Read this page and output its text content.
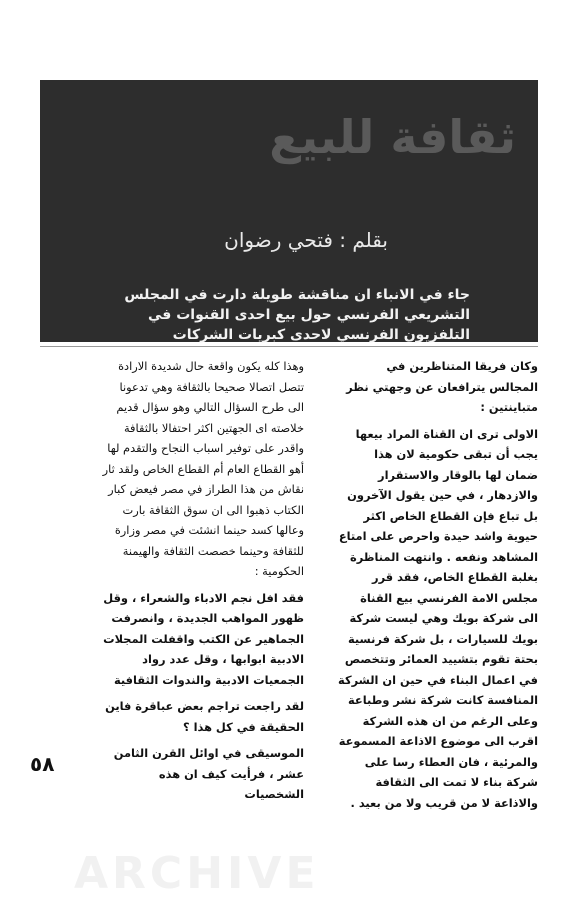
ثقافة للبيع
بقلم : فتحي رضوان
جاء في الانباء ان مناقشة طويلة دارت في المجلس التشريعي الفرنسي حول بيع احدى القنوات في التلفزيون الفرنسي لاحدى كبريات الشركات

وكان فريقا المتناظرين في المجالس يترافعان عن وجهتي نظر متباينتين :

الاولى ترى ان القناة المراد بيعها يجب أن تبقى حكومية لان هذا ضمان لها بالوقار والاستقرار والازدهار ، في حين يقول الآخرون بل تباع فإن القطاع الخاص اكثر حيوية واشد حيدة واحرص على امتاع المشاهد ونفعه . وانتهت المناظرة بغلبة القطاع الخاص، فقد قرر مجلس الامة الفرنسي بيع القناة الى شركة بويك وهي ليست شركة بويك للسيارات ، بل شركة فرنسية بحتة تقوم بتشييد العمائر وتتخصص في اعمال البناء في حين ان الشركة المنافسة كانت شركة نشر وطباعة وعلى الرغم من ان هذه الشركة اقرب الى موضوع الاذاعة المسموعة والمرئية ، فان العطاء رسا على شركة بناء لا تمت الى الثقافة والاذاعة لا من قريب ولا من بعيد .

وهذا كله يكون واقعة حال شديدة الارادة تتصل اتصالا صحيحا بالثقافة وهي تدعونا الى طرح السؤال التالي وهو سؤال قديم خلاصته اى الجهتين اكثر احتفالا بالثقافة واقدر على توفير اسباب النجاح والتقدم لها أهو القطاع العام أم القطاع الخاص ولقد ثار نقاش من هذا الطراز في مصر فيعض كبار الكتاب ذهبوا الى ان سوق الثقافة بارت وعالها كسد حينما انشئت في مصر وزارة للثقافة وحينما خصصت الثقافة والهيمنة الحكومية :

فقد افل نجم الادباء والشعراء ، وقل ظهور المواهب الجديدة ، وانصرفت الجماهير عن الكتب واقفلت المجلات الادبية ابوابها ، وقل عدد رواد الجمعيات الادبية والندوات الثقافية

لقد راجعت تراجم بعض عباقرة فاين الحقيقة في كل هذا ؟

الموسيقى في اوائل القرن الثامن عشر ، فرأيت كيف ان هذه الشخصيات

٥٨
ARCHIVE
